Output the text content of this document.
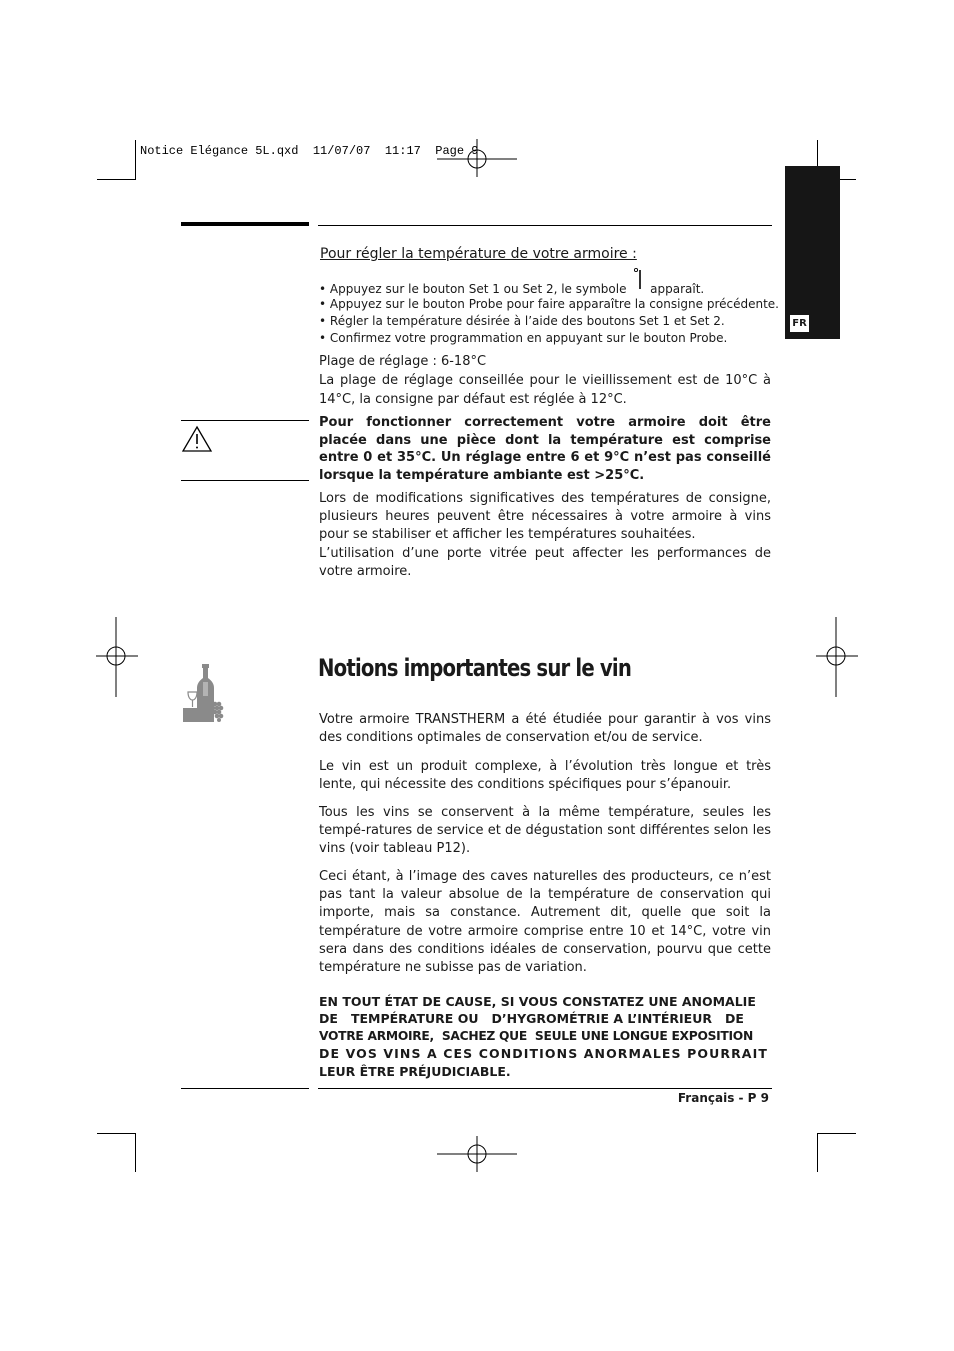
Notice Elégance 5L.qxd  11/07/07  11:17  Page 9
FR
Pour régler la température de votre armoire :
• Appuyez sur le bouton Set 1 ou Set 2, le symbole apparaît.
• Appuyez sur le bouton Probe pour faire apparaître la consigne précédente.
• Régler la température désirée à l’aide des boutons Set 1 et Set 2.
• Confirmez votre programmation en appuyant sur le bouton Probe.
Plage de réglage : 6-18°C

La plage de réglage conseillée pour le vieillissement est de 10°C à 14°C, la consigne par défaut est réglée à 12°C.

Pour fonctionner correctement votre armoire doit être placée dans une pièce dont la température est comprise entre 0 et 35°C. Un réglage entre 6 et 9°C n’est pas conseillé lorsque la température ambiante est >25°C.

Lors de modifications significatives des températures de consigne, plusieurs heures peuvent être nécessaires à votre armoire à vins pour se stabiliser et afficher les températures souhaitées.

L’utilisation d’une porte vitrée peut affecter les performances de votre armoire.

Notions importantes sur le vin

Votre armoire TRANSTHERM a été étudiée pour garantir à vos vins des conditions optimales de conservation et/ou de service.

Le vin est un produit complexe, à l’évolution très longue et très lente, qui nécessite des conditions spécifiques pour s’épanouir.

Tous les vins se conservent à la même température, seules les tempé-ratures de service et de dégustation sont différentes selon les vins (voir tableau P12).

Ceci étant, à l’image des caves naturelles des producteurs, ce n’est pas tant la valeur absolue de la température de conservation qui importe, mais sa constance. Autrement dit, quelle que soit la température de votre armoire comprise entre 10 et 14°C, votre vin sera dans des conditions idéales de conservation, pourvu que cette température ne subisse pas de variation.

EN TOUT ÉTAT DE CAUSE, SI VOUS CONSTATEZ UNE ANOMALIE
DE   TEMPÉRATURE OU   D’HYGROMÉTRIE A L’INTÉRIEUR   DE
VOTRE ARMOIRE,  SACHEZ QUE  SEULE UNE LONGUE EXPOSITION
DE VOS VINS A CES CONDITIONS ANORMALES POURRAIT
LEUR ÊTRE PRÉJUDICIABLE.
Français - P 9
